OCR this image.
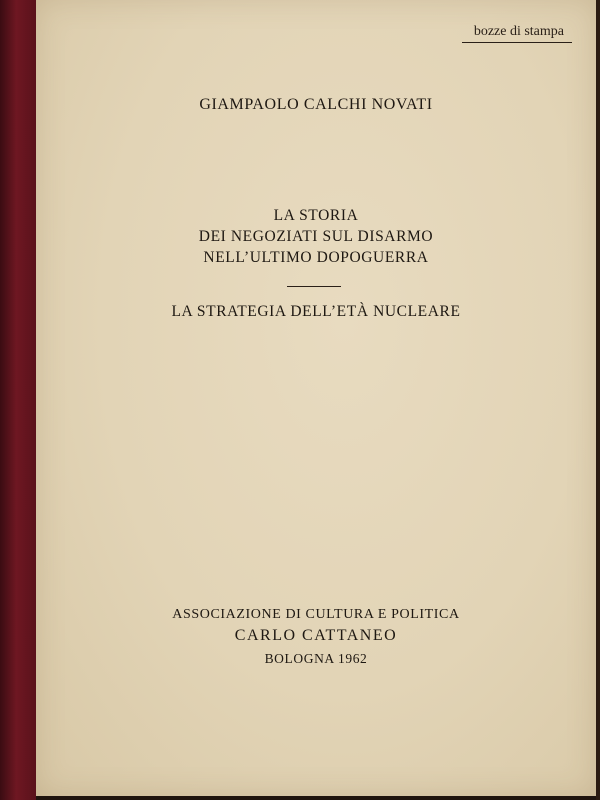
bozze di stampa
GIAMPAOLO CALCHI NOVATI
LA STORIA
DEI NEGOZIATI SUL DISARMO
NELL’ULTIMO DOPOGUERRA
LA STRATEGIA DELL’ETÀ NUCLEARE
ASSOCIAZIONE DI CULTURA E POLITICA
CARLO CATTANEO
BOLOGNA 1962
